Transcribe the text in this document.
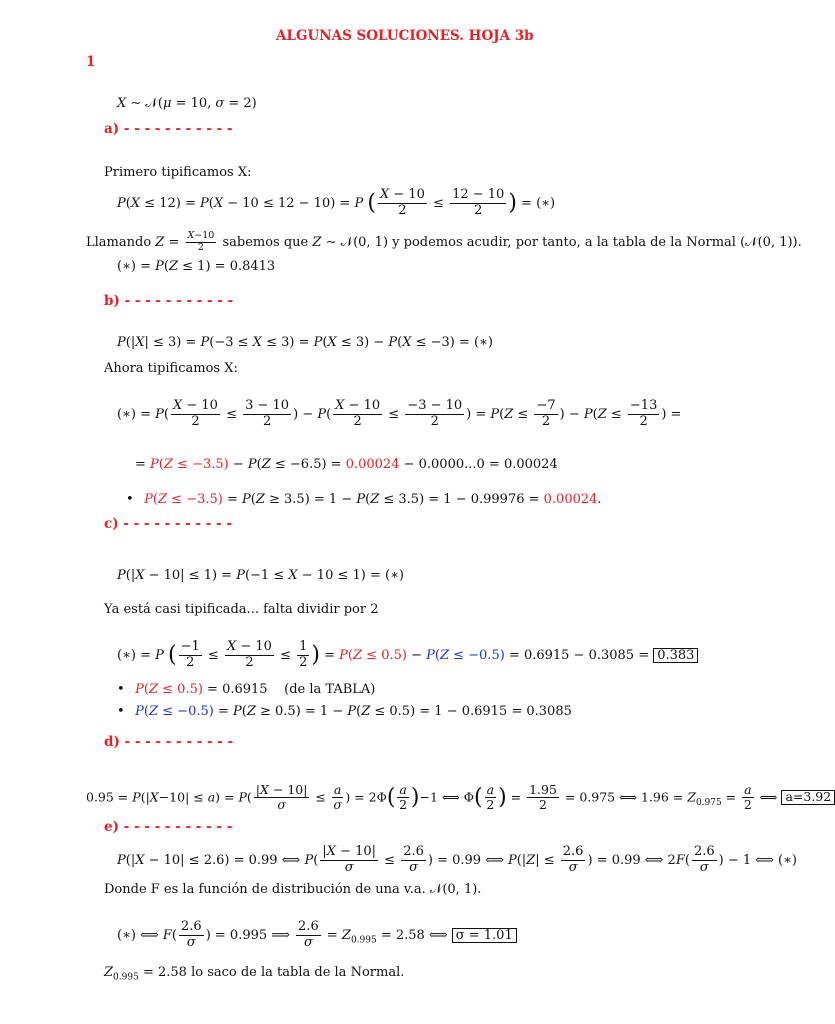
ALGUNAS SOLUCIONES. HOJA 3b
1
X ∼ 𝒩(μ = 10, σ = 2)
a) - - - - - - - - - - -
Primero tipificamos X:
P(X ≤ 12) = P(X − 10 ≤ 12 − 10) = P ( $\frac{X - 10}{2} \le \frac{12 - 10}{2}$ ) = (∗)
Llamando $Z = \frac{X-10}{2}$ sabemos que Z ∼ 𝒩(0, 1) y podemos acudir, por tanto, a la tabla de la Normal (𝒩(0, 1)).
(∗) = P(Z ≤ 1) = 0.8413
b) - - - - - - - - - - -
P(|X| ≤ 3) = P(−3 ≤ X ≤ 3) = P(X ≤ 3) − P(X ≤ −3) = (∗)
Ahora tipificamos X:
(∗) = $P( \frac{X - 10}{2} \le \frac{3 - 10}{2}$ ) − $P( \frac{X - 10}{2} \le \frac{-3 - 10}{2}$ ) = $P(Z \le \frac{-7}{2}$ ) − $P(Z \le \frac{-13}{2}$ ) =
= P(Z ≤ −3.5) − P(Z ≤ −6.5) = 0.00024 − 0.0000...0 = 0.00024
• P(Z ≤ −3.5) = P(Z ≥ 3.5) = 1 − P(Z ≤ 3.5) = 1 − 0.99976 = 0.00024.
c) - - - - - - - - - - -
P(|X − 10| ≤ 1) = P(−1 ≤ X − 10 ≤ 1) = (∗)
Ya está casi tipificada... falta dividir por 2
(∗) = P ( $\frac{-1}{2} \le \frac{X - 10}{2} \le \frac{1}{2}$ ) = P(Z ≤ 0.5) − P(Z ≤ −0.5) = 0.6915 − 0.3085 = 0.383
• P(Z ≤ 0.5) = 0.6915 (de la TABLA)
• P(Z ≤ −0.5) = P(Z ≥ 0.5) = 1 − P(Z ≤ 0.5) = 1 − 0.6915 = 0.3085
d) - - - - - - - - - - -
$0.95 = P(|X-10| \le a) = P( \frac{|X - 10|}{\sigma} \le \frac{a}{\sigma}$ ) = $2\Phi( \frac{a}{2} )-1$ ⟺ $\Phi( \frac{a}{2}$ ) = $\frac{1.95}{2} = 0.975$ ⟺ $1.96 = Z_{0.975} = \frac{a}{2}$ ⟺ a=3.92
e) - - - - - - - - - - -
P(|X − 10| ≤ 2.6) = 0.99 ⟺ $P( \frac{|X - 10|}{\sigma} \le \frac{2.6}{\sigma}$ ) = 0.99 ⟺ $P(|Z| \le \frac{2.6}{\sigma}$ ) = 0.99 ⟺ $2F( \frac{2.6}{\sigma}$ ) − 1 ⟺ (∗)
Donde F es la función de distribución de una v.a. 𝒩(0, 1).
(∗) ⟺ $F( \frac{2.6}{\sigma}$ ) = 0.995 ⟹ $\frac{2.6}{\sigma} = Z_{0.995} = 2.58$ ⟺ σ = 1.01
$Z_{0.995} = 2.58$ lo saco de la tabla de la Normal.
